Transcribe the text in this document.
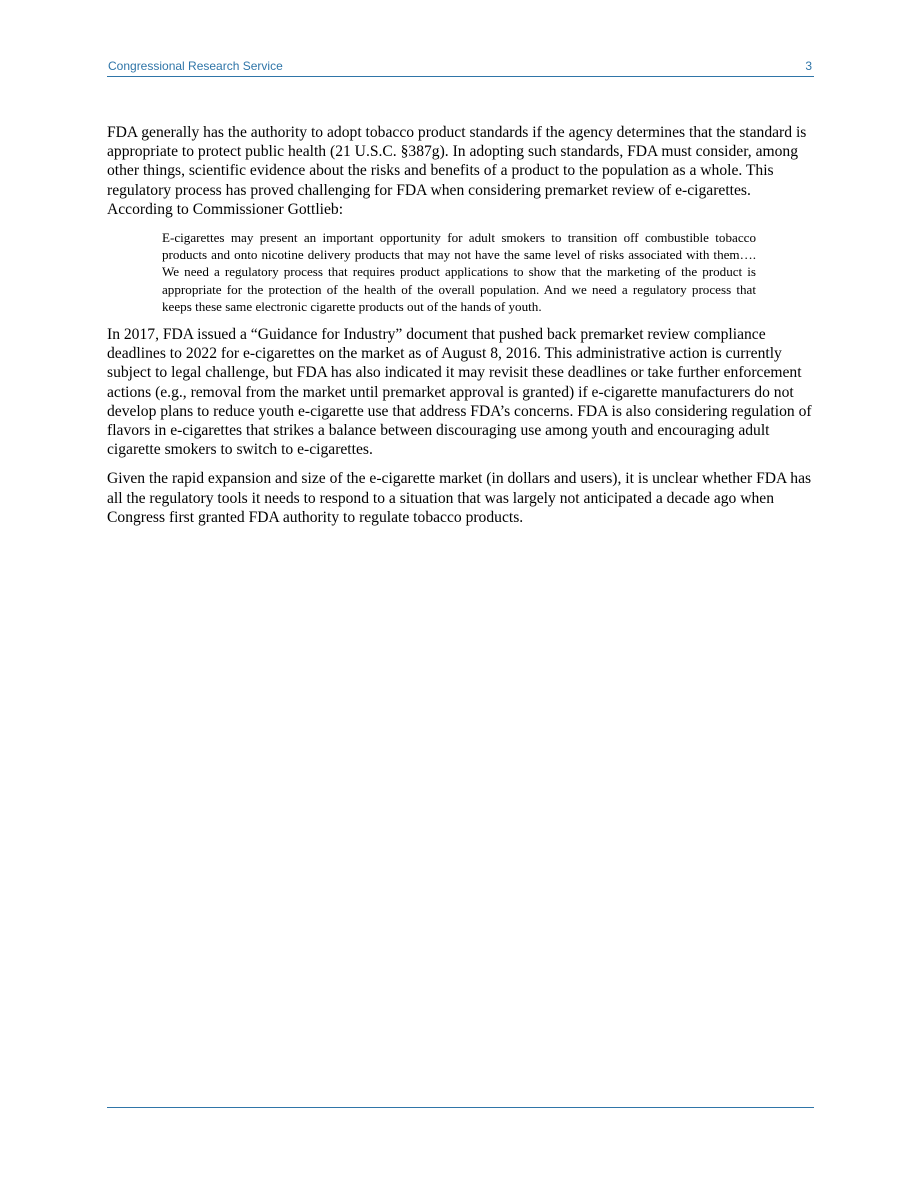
Congressional Research Service	3

FDA generally has the authority to adopt tobacco product standards if the agency determines that the standard is appropriate to protect public health (21 U.S.C. §387g). In adopting such standards, FDA must consider, among other things, scientific evidence about the risks and benefits of a product to the population as a whole. This regulatory process has proved challenging for FDA when considering premarket review of e-cigarettes. According to Commissioner Gottlieb:

E-cigarettes may present an important opportunity for adult smokers to transition off combustible tobacco products and onto nicotine delivery products that may not have the same level of risks associated with them…. We need a regulatory process that requires product applications to show that the marketing of the product is appropriate for the protection of the health of the overall population. And we need a regulatory process that keeps these same electronic cigarette products out of the hands of youth.

In 2017, FDA issued a “Guidance for Industry” document that pushed back premarket review compliance deadlines to 2022 for e-cigarettes on the market as of August 8, 2016. This administrative action is currently subject to legal challenge, but FDA has also indicated it may revisit these deadlines or take further enforcement actions (e.g., removal from the market until premarket approval is granted) if e-cigarette manufacturers do not develop plans to reduce youth e-cigarette use that address FDA’s concerns. FDA is also considering regulation of flavors in e-cigarettes that strikes a balance between discouraging use among youth and encouraging adult cigarette smokers to switch to e-cigarettes.

Given the rapid expansion and size of the e-cigarette market (in dollars and users), it is unclear whether FDA has all the regulatory tools it needs to respond to a situation that was largely not anticipated a decade ago when Congress first granted FDA authority to regulate tobacco products.
